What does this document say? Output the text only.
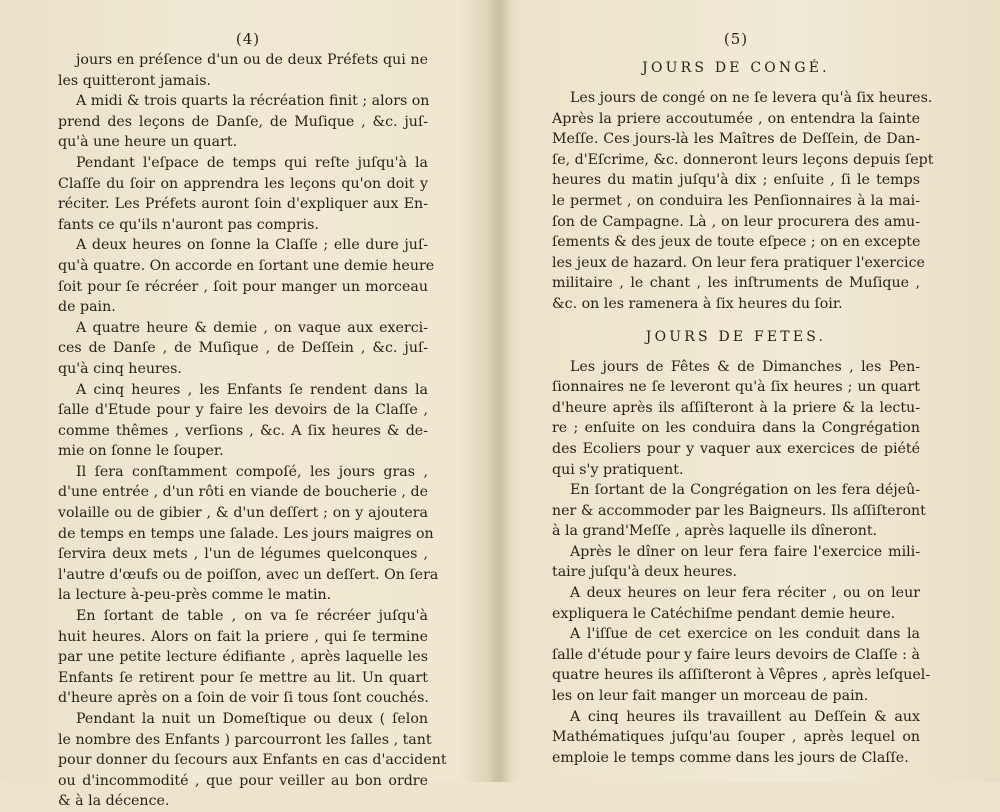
(4)
jours en préſence d'un ou de deux Préfets qui ne
les quitteront jamais.
A midi & trois quarts la récréation finit ; alors on
prend des leçons de Danſe, de Muſique , &c. juſ-
qu'à une heure un quart.
Pendant l'eſpace de temps qui reſte juſqu'à la
Claſſe du ſoir on apprendra les leçons qu'on doit y
réciter. Les Préfets auront ſoin d'expliquer aux En-
fants ce qu'ils n'auront pas compris.
A deux heures on ſonne la Claſſe ; elle dure juſ-
qu'à quatre. On accorde en ſortant une demie heure
ſoit pour ſe récréer , ſoit pour manger un morceau
de pain.
A quatre heure & demie , on vaque aux exerci-
ces de Danſe , de Muſique , de Deſſein , &c. juſ-
qu'à cinq heures.
A cinq heures , les Enfants ſe rendent dans la
ſalle d'Etude pour y faire les devoirs de la Claſſe ,
comme thêmes , verſions , &c. A ſix heures & de-
mie on ſonne le ſouper.
Il ſera conſtamment compoſé, les jours gras ,
d'une entrée , d'un rôti en viande de boucherie , de
volaille ou de gibier , & d'un deſſert ; on y ajoutera
de temps en temps une ſalade. Les jours maigres on
ſervira deux mets , l'un de légumes quelconques ,
l'autre d'œufs ou de poiſſon, avec un deſſert. On ſera
la lecture à-peu-près comme le matin.
En ſortant de table , on va ſe récréer juſqu'à
huit heures. Alors on fait la priere , qui ſe termine
par une petite lecture édifiante , après laquelle les
Enfants ſe retirent pour ſe mettre au lit. Un quart
d'heure après on a ſoin de voir ſi tous ſont couchés.
Pendant la nuit un Domeſtique ou deux ( ſelon
le nombre des Enfants ) parcourront les ſalles , tant
pour donner du ſecours aux Enfants en cas d'accident
ou d'incommodité , que pour veiller au bon ordre
& à la décence.
(5)
JOURS DE CONGÉ.
Les jours de congé on ne ſe levera qu'à ſix heures.
Après la priere accoutumée , on entendra la ſainte
Meſſe. Ces jours-là les Maîtres de Deſſein, de Dan-
ſe, d'Eſcrime, &c. donneront leurs leçons depuis ſept
heures du matin juſqu'à dix ; enſuite , ſi le temps
le permet , on conduira les Penſionnaires à la mai-
ſon de Campagne. Là , on leur procurera des amu-
ſements & des jeux de toute eſpece ; on en excepte
les jeux de hazard. On leur fera pratiquer l'exercice
militaire , le chant , les inſtruments de Muſique ,
&c. on les ramenera à ſix heures du ſoir.
JOURS DE FETES.
Les jours de Fêtes & de Dimanches , les Pen-
ſionnaires ne ſe leveront qu'à ſix heures ; un quart
d'heure après ils aſſiſteront à la priere & la lectu-
re ; enſuite on les conduira dans la Congrégation
des Ecoliers pour y vaquer aux exercices de piété
qui s'y pratiquent.
En ſortant de la Congrégation on les fera déjeû-
ner & accommoder par les Baigneurs. Ils aſſiſteront
à la grand'Meſſe , après laquelle ils dîneront.
Après le dîner on leur fera faire l'exercice mili-
taire juſqu'à deux heures.
A deux heures on leur fera réciter , ou on leur
expliquera le Catéchiſme pendant demie heure.
A l'iſſue de cet exercice on les conduit dans la
ſalle d'étude pour y faire leurs devoirs de Claſſe : à
quatre heures ils aſſiſteront à Vêpres , après leſquel-
les on leur fait manger un morceau de pain.
A cinq heures ils travaillent au Deſſein & aux
Mathématiques juſqu'au ſouper , après lequel on
emploie le temps comme dans les jours de Claſſe.
